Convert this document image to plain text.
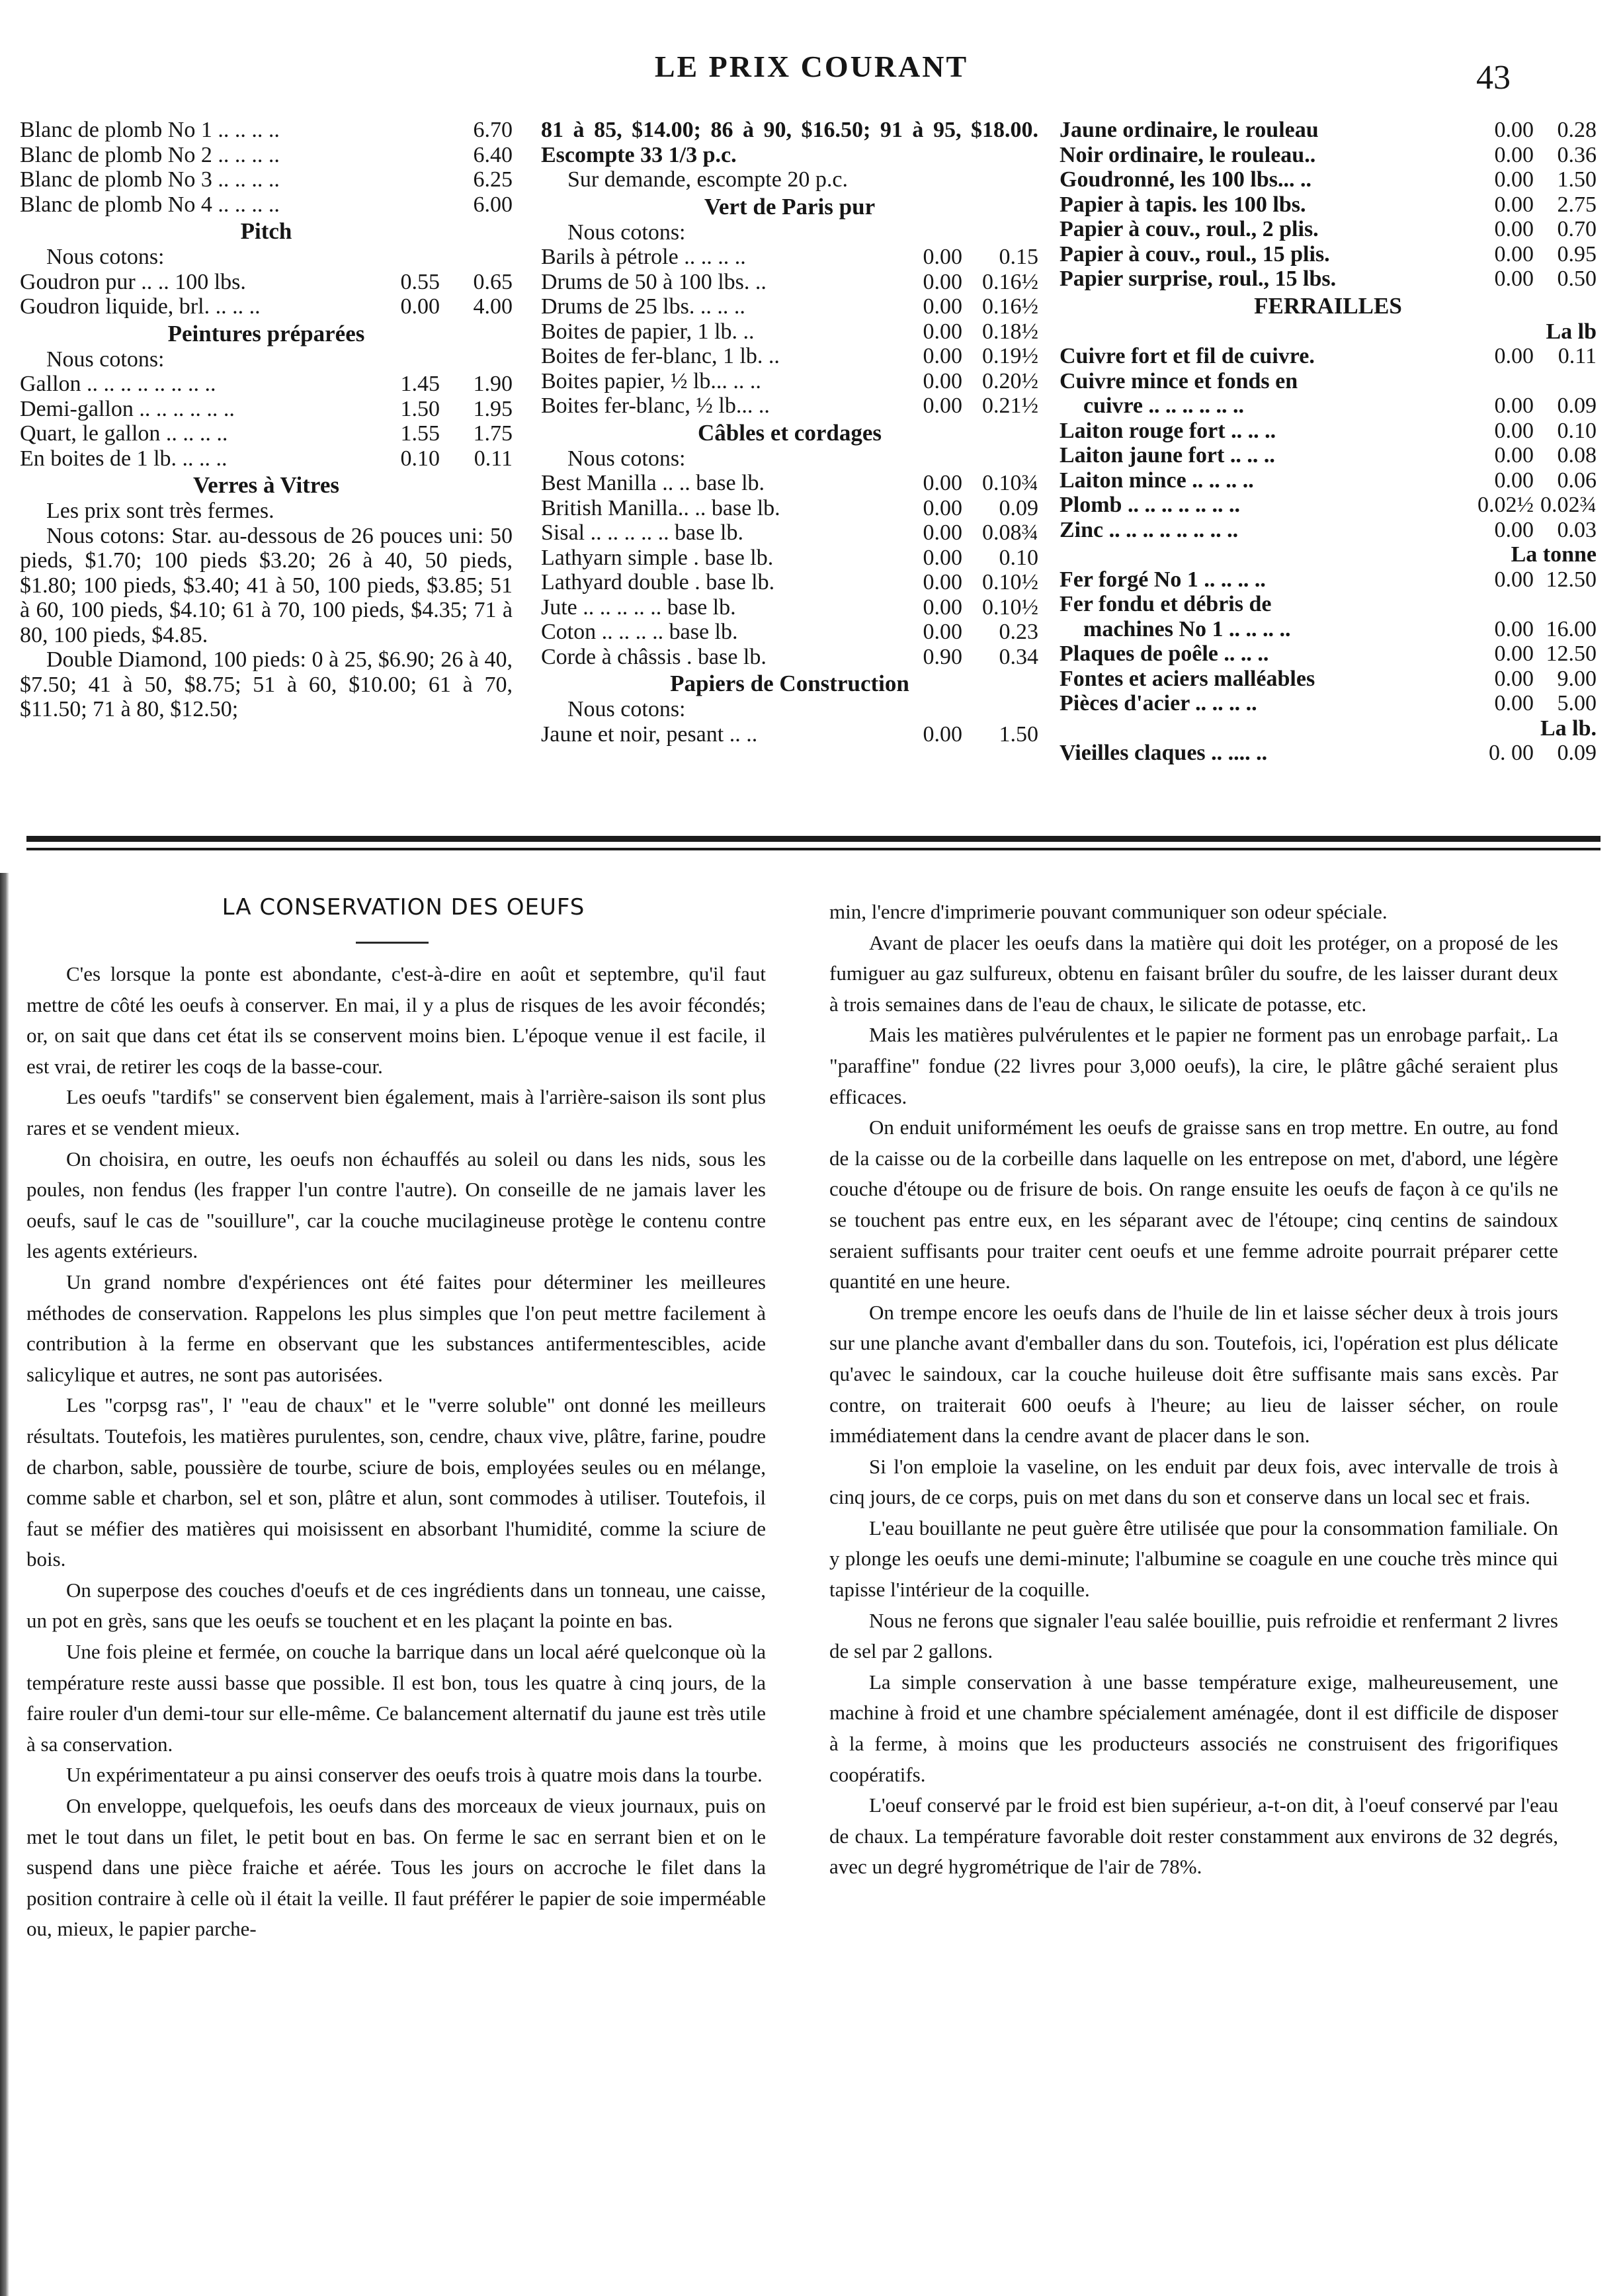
LE PRIX COURANT	43
Blanc de plomb No 1 .. .. .. ..	6.70
Blanc de plomb No 2 .. .. .. ..	6.40
Blanc de plomb No 3 .. .. .. ..	6.25
Blanc de plomb No 4 .. .. .. ..	6.00
Pitch
Nous cotons:
Goudron pur .. .. 100 lbs.	0.55	0.65
Goudron liquide, brl. .. .. ..	0.00	4.00
Peintures préparées
Nous cotons:
Gallon .. .. .. .. .. .. .. ..	1.45	1.90
Demi-gallon .. .. .. .. .. ..	1.50	1.95
Quart, le gallon .. .. .. ..	1.55	1.75
En boites de 1 lb. .. .. ..	0.10	0.11
Verres à Vitres
Les prix sont très fermes.
Nous cotons: Star. au-dessous de 26 pouces uni: 50 pieds, $1.70; 100 pieds $3.20; 26 à 40, 50 pieds, $1.80; 100 pieds, $3.40; 41 à 50, 100 pieds, $3.85; 51 à 60, 100 pieds, $4.10; 61 à 70, 100 pieds, $4.35; 71 à 80, 100 pieds, $4.85.
Double Diamond, 100 pieds: 0 à 25, $6.90; 26 à 40, $7.50; 41 à 50, $8.75; 51 à 60, $10.00; 61 à 70, $11.50; 71 à 80, $12.50;
81 à 85, $14.00; 86 à 90, $16.50; 91 à 95, $18.00. Escompte 33 1/3 p.c.
Sur demande, escompte 20 p.c.
Vert de Paris pur
Nous cotons:
Barils à pétrole .. .. .. ..	0.00	0.15
Drums de 50 à 100 lbs. ..	0.00 0.16½
Drums de 25 lbs. .. .. ..	0.00 0.16½
Boites de papier, 1 lb. ..	0.00 0.18½
Boites de fer-blanc, 1 lb. ..	0.00 0.19½
Boites papier, ½ lb... .. ..	0.00 0.20½
Boites fer-blanc, ½ lb... ..	0.00 0.21½
Câbles et cordages
Nous cotons:
Best Manilla .. .. base lb.	0.00 0.10¾
British Manilla.. .. base lb.	0.00	0.09
Sisal .. .. .. .. .. base lb.	0.00 0.08¾
Lathyarn simple . base lb.	0.00	0.10
Lathyard double . base lb.	0.00 0.10½
Jute .. .. .. .. .. base lb.	0.00 0.10½
Coton .. .. .. .. base lb.	0.00	0.23
Corde à châssis . base lb.	0.90	0.34
Papiers de Construction
Nous cotons:
Jaune et noir, pesant .. ..	0.00	1.50
Jaune ordinaire, le rouleau	0.00	0.28
Noir ordinaire, le rouleau..	0.00	0.36
Goudronné, les 100 lbs... ..	0.00	1.50
Papier à tapis. les 100 lbs.	0.00	2.75
Papier à couv., roul., 2 plis.	0.00	0.70
Papier à couv., roul., 15 plis.	0.00	0.95
Papier surprise, roul., 15 lbs.	0.00	0.50
FERRAILLES
La lb
Cuivre fort et fil de cuivre.	0.00	0.11
Cuivre mince et fonds en
cuivre .. .. .. .. .. ..	0.00	0.09
Laiton rouge fort .. .. ..	0.00	0.10
Laiton jaune fort .. .. ..	0.00	0.08
Laiton mince .. .. .. ..	0.00	0.06
Plomb .. .. .. .. .. .. ..	0.02½ 0.02¾
Zinc .. .. .. .. .. .. .. ..	0.00	0.03
La tonne
Fer forgé No 1 .. .. .. ..	0.00 12.50
Fer fondu et débris de
machines No 1 .. .. .. ..	0.00 16.00
Plaques de poêle .. .. ..	0.00 12.50
Fontes et aciers malléables	0.00	9.00
Pièces d'acier .. .. .. ..	0.00	5.00
La lb.
Vieilles claques .. .... ..	0. 00	0.09
LA CONSERVATION DES OEUFS

C'es lorsque la ponte est abondante, c'est-à-dire en août et septembre, qu'il faut mettre de côté les oeufs à conserver. En mai, il y a plus de risques de les avoir fécondés; or, on sait que dans cet état ils se conservent moins bien. L'époque venue il est facile, il est vrai, de retirer les coqs de la basse-cour.

Les oeufs "tardifs" se conservent bien également, mais à l'arrière-saison ils sont plus rares et se vendent mieux.

On choisira, en outre, les oeufs non échauffés au soleil ou dans les nids, sous les poules, non fendus (les frapper l'un contre l'autre). On conseille de ne jamais laver les oeufs, sauf le cas de "souillure", car la couche mucilagineuse protège le contenu contre les agents extérieurs.

Un grand nombre d'expériences ont été faites pour déterminer les meilleures méthodes de conservation. Rappelons les plus simples que l'on peut mettre facilement à contribution à la ferme en observant que les substances antifermentescibles, acide salicylique et autres, ne sont pas autorisées.

Les "corpsg ras", l' "eau de chaux" et le "verre soluble" ont donné les meilleurs résultats. Toutefois, les matières purulentes, son, cendre, chaux vive, plâtre, farine, poudre de charbon, sable, poussière de tourbe, sciure de bois, employées seules ou en mélange, comme sable et charbon, sel et son, plâtre et alun, sont commodes à utiliser. Toutefois, il faut se méfier des matières qui moisissent en absorbant l'humidité, comme la sciure de bois.

On superpose des couches d'oeufs et de ces ingrédients dans un tonneau, une caisse, un pot en grès, sans que les oeufs se touchent et en les plaçant la pointe en bas.

Une fois pleine et fermée, on couche la barrique dans un local aéré quelconque où la température reste aussi basse que possible. Il est bon, tous les quatre à cinq jours, de la faire rouler d'un demi-tour sur elle-même. Ce balancement alternatif du jaune est très utile à sa conservation.

Un expérimentateur a pu ainsi conserver des oeufs trois à quatre mois dans la tourbe.

On enveloppe, quelquefois, les oeufs dans des morceaux de vieux journaux, puis on met le tout dans un filet, le petit bout en bas. On ferme le sac en serrant bien et on le suspend dans une pièce fraiche et aérée. Tous les jours on accroche le filet dans la position contraire à celle où il était la veille. Il faut préférer le papier de soie imperméable ou, mieux, le papier parche-

min, l'encre d'imprimerie pouvant communiquer son odeur spéciale.

Avant de placer les oeufs dans la matière qui doit les protéger, on a proposé de les fumiguer au gaz sulfureux, obtenu en faisant brûler du soufre, de les laisser durant deux à trois semaines dans de l'eau de chaux, le silicate de potasse, etc.

Mais les matières pulvérulentes et le papier ne forment pas un enrobage parfait,. La "paraffine" fondue (22 livres pour 3,000 oeufs), la cire, le plâtre gâché seraient plus efficaces.

On enduit uniformément les oeufs de graisse sans en trop mettre. En outre, au fond de la caisse ou de la corbeille dans laquelle on les entrepose on met, d'abord, une légère couche d'étoupe ou de frisure de bois. On range ensuite les oeufs de façon à ce qu'ils ne se touchent pas entre eux, en les séparant avec de l'étoupe; cinq centins de saindoux seraient suffisants pour traiter cent oeufs et une femme adroite pourrait préparer cette quantité en une heure.

On trempe encore les oeufs dans de l'huile de lin et laisse sécher deux à trois jours sur une planche avant d'emballer dans du son. Toutefois, ici, l'opération est plus délicate qu'avec le saindoux, car la couche huileuse doit être suffisante mais sans excès. Par contre, on traiterait 600 oeufs à l'heure; au lieu de laisser sécher, on roule immédiatement dans la cendre avant de placer dans le son.

Si l'on emploie la vaseline, on les enduit par deux fois, avec intervalle de trois à cinq jours, de ce corps, puis on met dans du son et conserve dans un local sec et frais.

L'eau bouillante ne peut guère être utilisée que pour la consommation familiale. On y plonge les oeufs une demi-minute; l'albumine se coagule en une couche très mince qui tapisse l'intérieur de la coquille.

Nous ne ferons que signaler l'eau salée bouillie, puis refroidie et renfermant 2 livres de sel par 2 gallons.

La simple conservation à une basse température exige, malheureusement, une machine à froid et une chambre spécialement aménagée, dont il est difficile de disposer à la ferme, à moins que les producteurs associés ne construisent des frigorifiques coopératifs.

L'oeuf conservé par le froid est bien supérieur, a-t-on dit, à l'oeuf conservé par l'eau de chaux. La température favorable doit rester constamment aux environs de 32 degrés, avec un degré hygrométrique de l'air de 78%.
